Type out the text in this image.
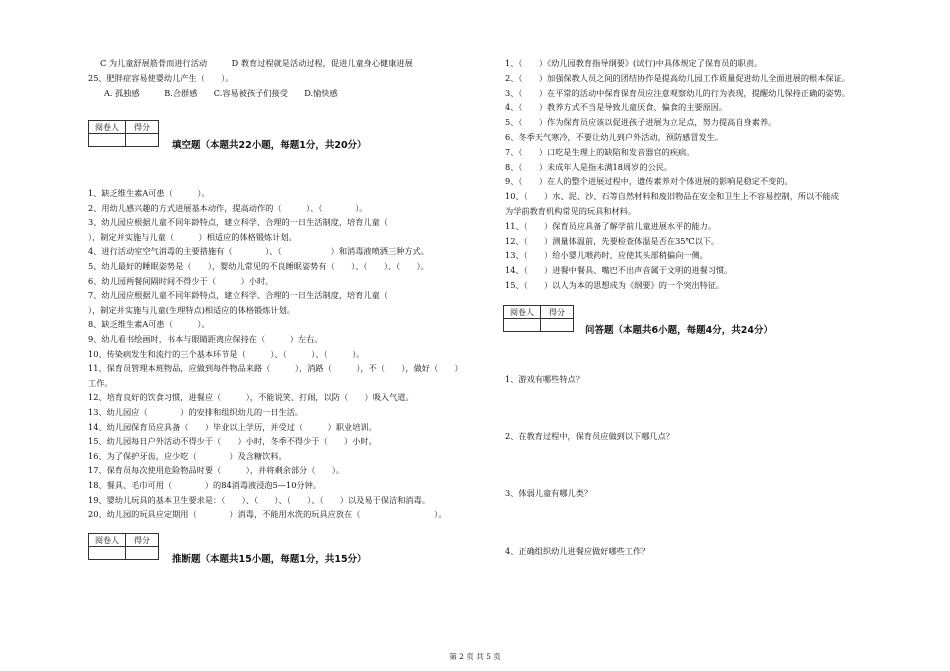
C 为儿童舒展筋骨而进行活动　　　D 教育过程就是活动过程，促进儿童身心健康进展
25、肥胖症容易使婴幼儿产生（　　）。
A. 孤独感　　　B.合群感　　C.容易被孩子们接受　　D.愉快感
阅卷人	得分

填空题（本题共22小题，每题1分，共20分）
1、缺乏维生素A可患（　　　）。
2、用幼儿感兴趣的方式进展基本动作，提高动作的（　　　）、（　　　　）。
3、幼儿园应根据儿童不同年龄特点，建立科学、合理的一日生活制度，培育儿童（
），制定并实施与儿童（　　　）相适应的体格锻炼计划。
4、进行活动室空气消毒的主要措施有（　　　　）、（　　　　　　）和消毒液喷洒三种方式。
5、幼儿最好的睡眠姿势是（　　），婴幼儿常见的不良睡眠姿势有（　　）、（　　）、（　　）。
6、幼儿园两餐间隔时间不得少于（　　　）小时。
7、幼儿园应根据儿童不同年龄特点，建立科学、合理的一日生活制度，培育儿童（
），制定并实施与儿童(生理特点)相适应的体格锻炼计划。
8、缺乏维生素A可患（　　　）。
9、幼儿看书绘画时，书本与眼睛距离应保持在（　　　）左右。
10、传染病发生和流行的三个基本环节是（　　　）、（　　　）、（　　　）。
11、保育员管理本班物品，应做到每件物品来路（　　　），消路（　　　），不（　　），做好（　　）
工作。
12、培育良好的饮食习惯，进餐应（　　　），不能说笑、打闹，以防（　　）吸入气道。
13、幼儿园应（　　　　）的安排和组织幼儿的一日生活。
14、幼儿园保育员应具备（　　）毕业以上学历，并受过（　　　）职业培训。
15、幼儿园每日户外活动不得少于（　　）小时，冬季不得少于（　　）小时。
16、为了保护牙齿，应少吃（　　　　）及含糖饮料。
17、保育员每次使用危险物品时要（　　　），并将剩余部分（　　）。
18、餐具、毛巾可用（　　　　）的84消毒液浸泡5—10分钟。
19、婴幼儿玩具的基本卫生要求是：（　　）、（　　）、（　　）、（　　）以及易于保洁和消毒。
20、幼儿园的玩具应定期用（　　　　）消毒，不能用水洗的玩具应放在（　　　　　　　　　）。
阅卷人	得分

推断题（本题共15小题，每题1分，共15分）
1、（　　）《幼儿园教育指导纲要》(试行)中具体规定了保育员的职责。
2、（　　）加强保教人员之间的团结协作是提高幼儿园工作质量促进幼儿全面进展的根本保证。
3、（　　）在平常的活动中保育保育员应注意观察幼儿的行为表现，提醒幼儿保持正确的姿势。
4、（　　）教养方式不当是导致儿童厌食、偏食的主要原因。
5、（　　）作为保育员应该以促进孩子进展为立足点，努力提高自身素养。
6、冬季天气寒冷，不要让幼儿到户外活动，预防感冒发生。
7、（　　）口吃是生理上的缺陷和发音器官的疾病。
8、（　　）未成年人是指未满18周岁的公民。
9、（　　）在人的整个进展过程中，遗传素养对个体进展的影响是稳定不变的。
10、（　　）水、泥、沙、石等自然材料和废旧物品在安全和卫生上不容易控制，所以不能成
为学前教育机构常见的玩具和材料。
11、（　　）保育员应具备了解学前儿童进展水平的能力。
12、（　　）测量体温前，先要检查体温是否在35℃以下。
13、（　　）给小婴儿喂药时，应使其头部稍偏向一侧。
14、（　　）进餐中餐具、嘴巴不出声音属于文明的进餐习惯。
15、（　　）以人为本的思想成为《纲要》的一个突出特征。
阅卷人	得分

问答题（本题共6小题，每题4分，共24分）
1、游戏有哪些特点？
2、在教育过程中，保育员应做到以下哪几点？
3、体弱儿童有哪儿类？
4、正确组织幼儿进餐应做好哪些工作？
第 2 页 共 5 页
